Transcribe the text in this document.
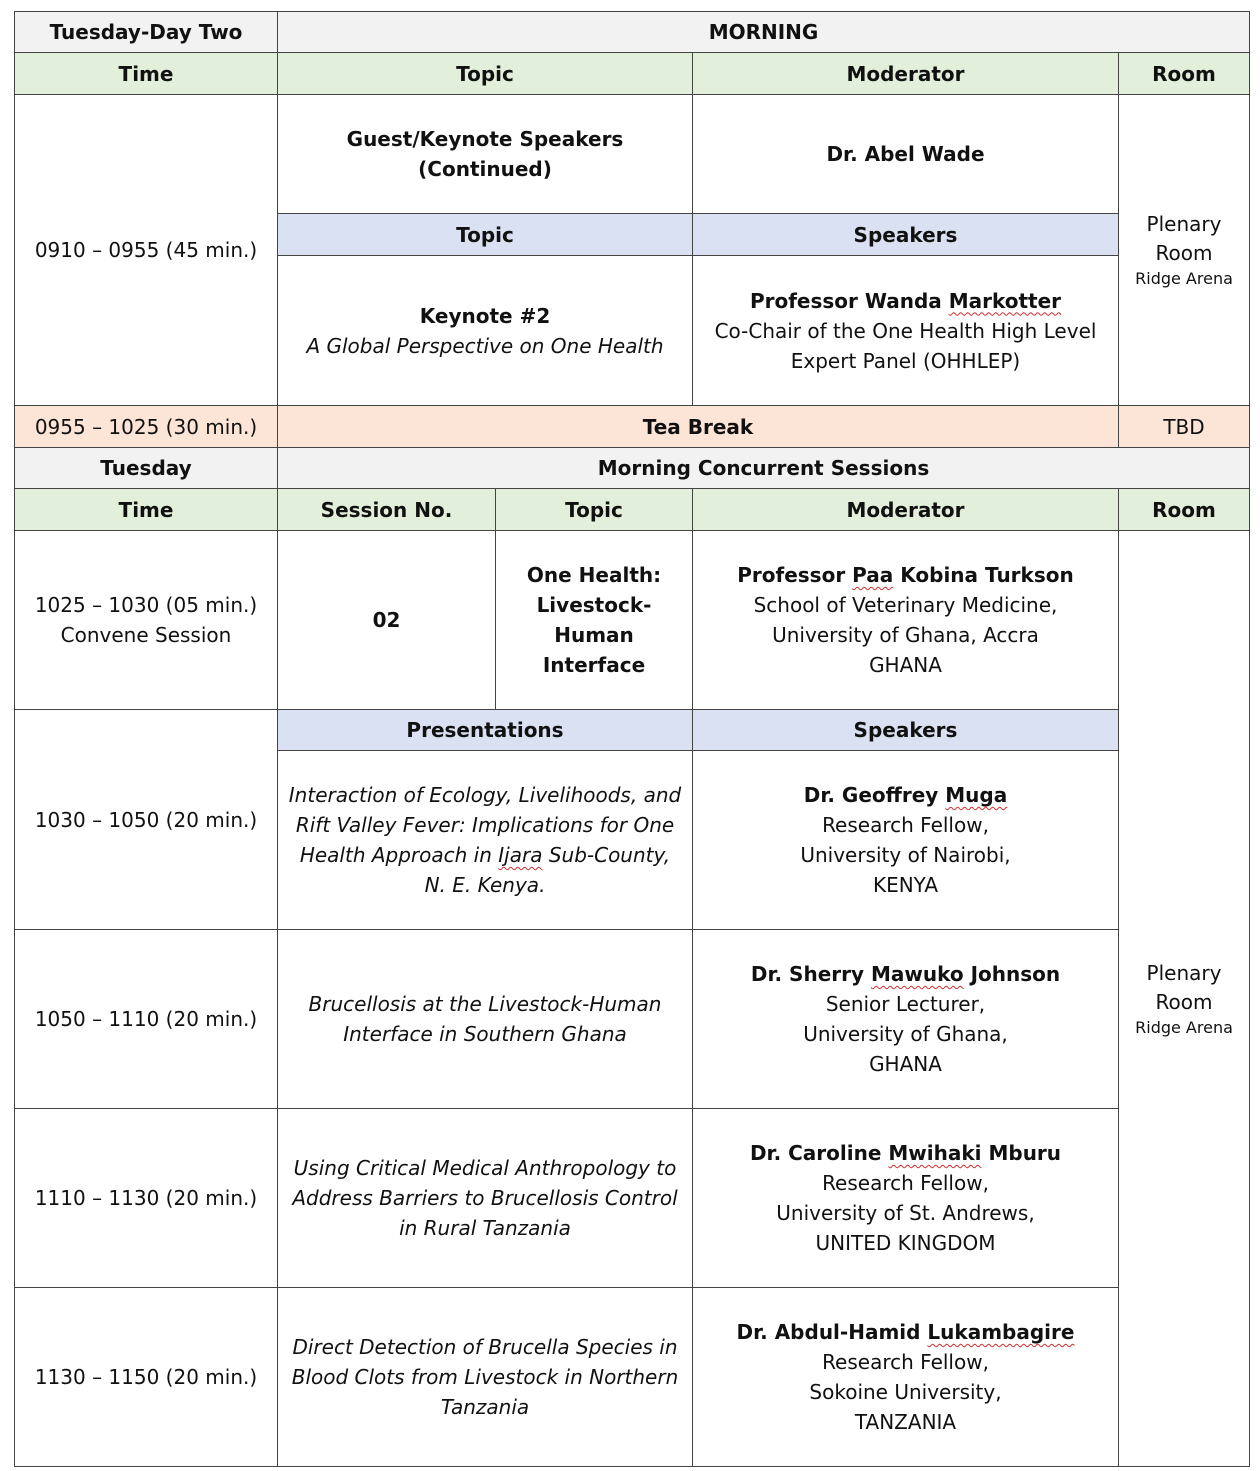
Tuesday-Day Two	MORNING			
Time	Topic		Moderator	Room
0910 – 0955 (45 min.)	Guest/Keynote Speakers
(Continued)		Dr. Abel Wade	Plenary
Room
Ridge Arena

	Topic		Speakers	

	Keynote #2
A Global Perspective on One Health		Professor Wanda Markotter
Co-Chair of the One Health High Level
Expert Panel (OHHLEP)	

0955 – 1025 (30 min.)	Tea Break			TBD
Tuesday	Morning Concurrent Sessions			
Time	Session No.	Topic	Moderator	Room

1025 – 1030 (05 min.)
Convene Session	02	One Health:
Livestock-
Human Interface	Professor Paa Kobina Turkson
School of Veterinary Medicine,
University of Ghana, Accra
GHANA	Plenary
Room
Ridge Arena

1030 – 1050 (20 min.)	Presentations		Speakers	

	Interaction of Ecology, Livelihoods, and
Rift Valley Fever: Implications for One
Health Approach in Ijara Sub-County,
N. E. Kenya.		Dr. Geoffrey Muga
Research Fellow,
University of Nairobi,
KENYA	

1050 – 1110 (20 min.)	Brucellosis at the Livestock-Human
Interface in Southern Ghana		Dr. Sherry Mawuko Johnson
Senior Lecturer,
University of Ghana,
GHANA	

1110 – 1130 (20 min.)	Using Critical Medical Anthropology to
Address Barriers to Brucellosis Control
in Rural Tanzania		Dr. Caroline Mwihaki Mburu
Research Fellow,
University of St. Andrews,
UNITED KINGDOM	

1130 – 1150 (20 min.)	Direct Detection of Brucella Species in
Blood Clots from Livestock in Northern
Tanzania		Dr. Abdul-Hamid Lukambagire
Research Fellow,
Sokoine University,
TANZANIA	
